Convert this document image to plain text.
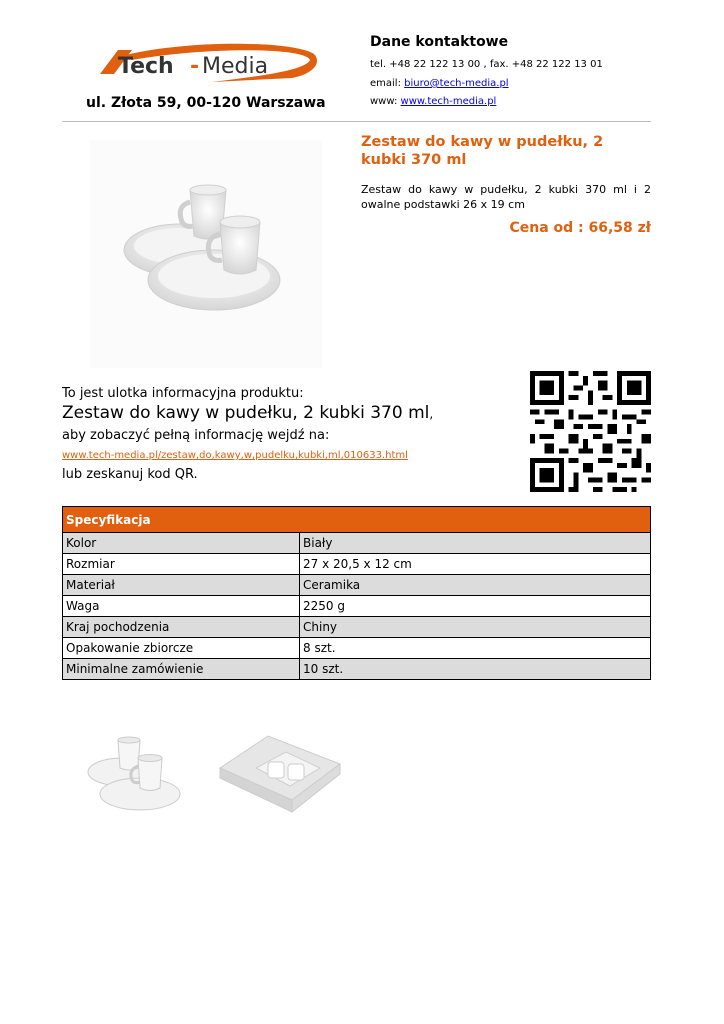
Tech - Media
ul. Złota 59, 00-120 Warszawa
Dane kontaktowe
tel. +48 22 122 13 00 , fax. +48 22 122 13 01
email: biuro@tech-media.pl
www: www.tech-media.pl
Zestaw do kawy w pudełku, 2 kubki 370 ml
Zestaw do kawy w pudełku, 2 kubki 370 ml i 2 owalne podstawki 26 x 19 cm
Cena od : 66,58 zł
To jest ulotka informacyjna produktu:
Zestaw do kawy w pudełku, 2 kubki 370 ml,
aby zobaczyć pełną informację wejdź na:
www.tech-media.pl/zestaw,do,kawy,w,pudelku,kubki,ml,010633.html
lub zeskanuj kod QR.
Specyfikacja	
Kolor	Biały
Rozmiar	27 x 20,5 x 12 cm
Materiał	Ceramika
Waga	2250 g
Kraj pochodzenia	Chiny
Opakowanie zbiorcze	8 szt.
Minimalne zamówienie	10 szt.
